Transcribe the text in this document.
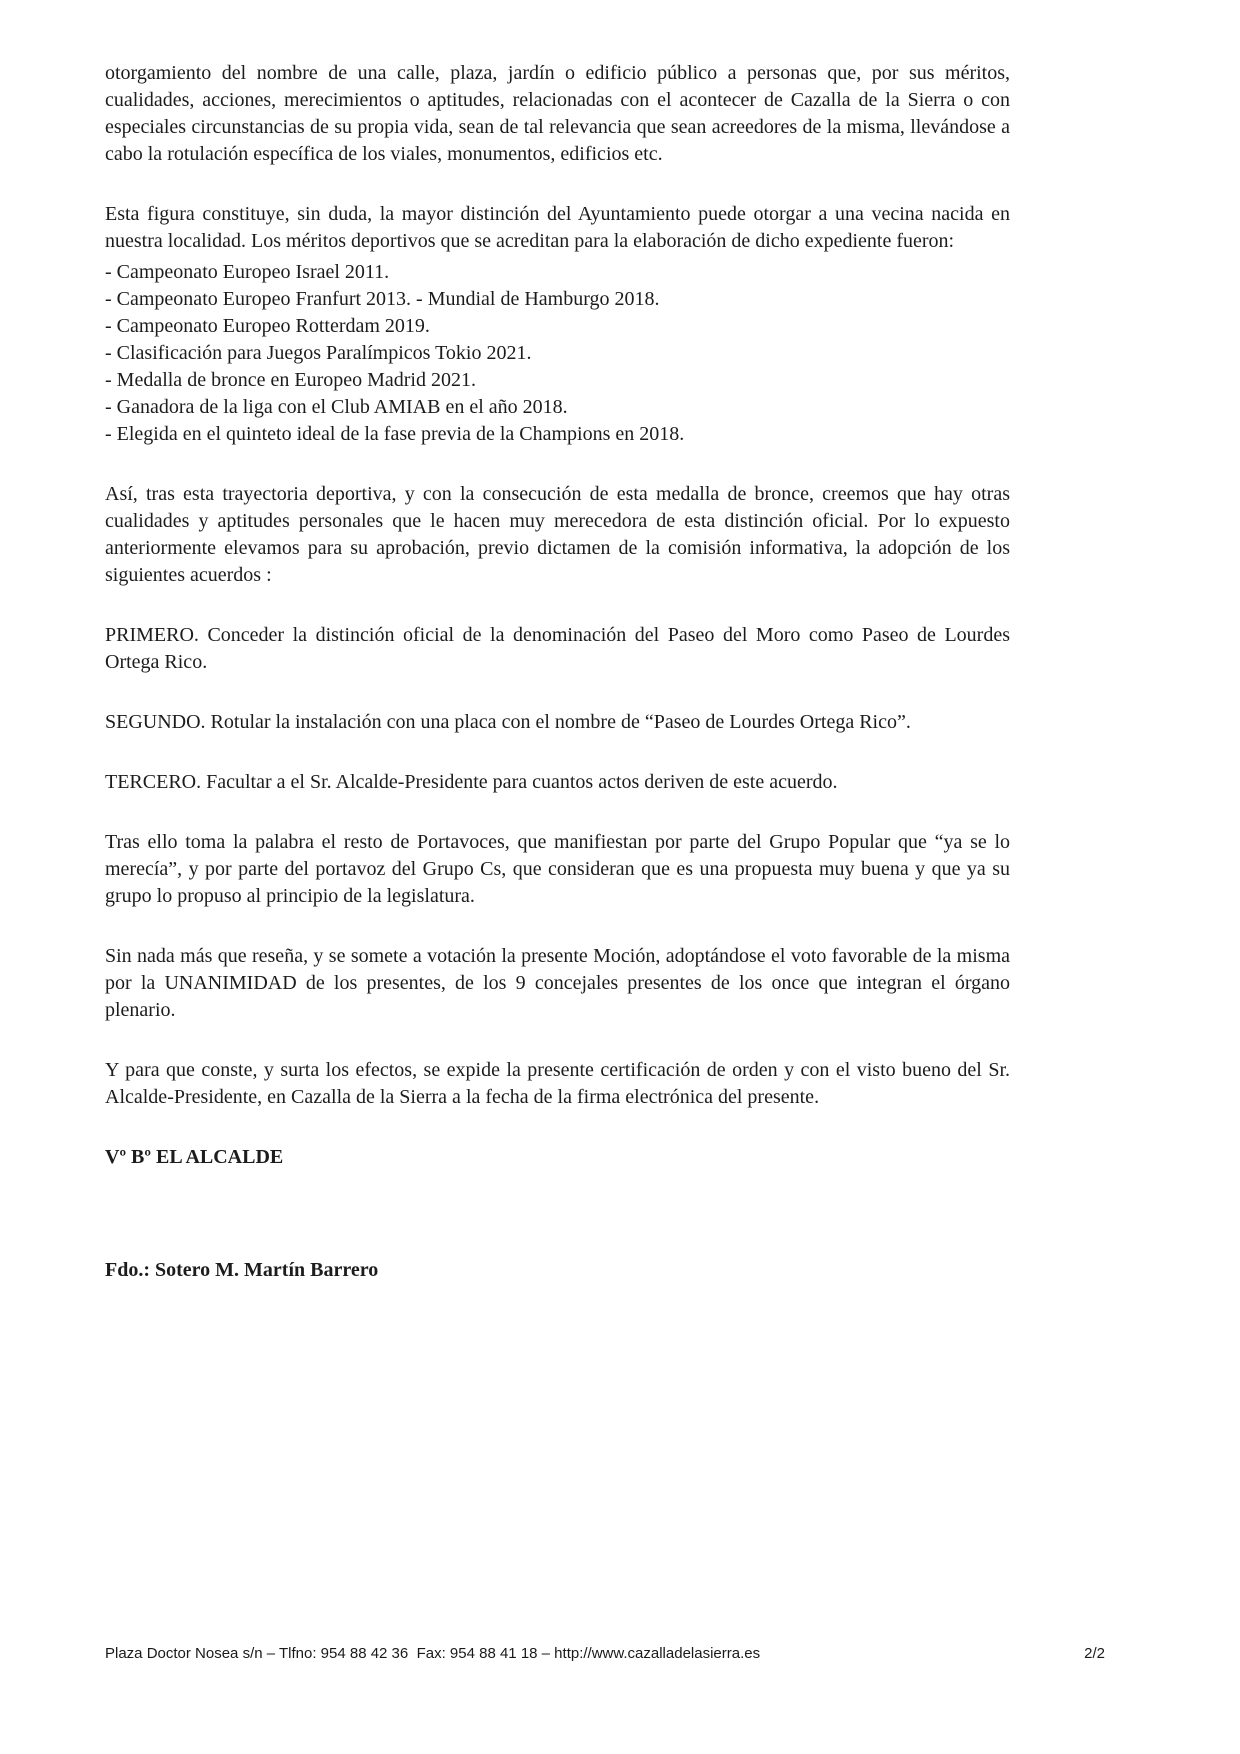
otorgamiento del nombre de una calle, plaza, jardín o edificio público a personas que, por sus méritos, cualidades, acciones, merecimientos o aptitudes, relacionadas con el acontecer de Cazalla de la Sierra o con especiales circunstancias de su propia vida, sean de tal relevancia que sean acreedores de la misma, llevándose a cabo la rotulación específica de los viales, monumentos, edificios etc.

Esta figura constituye, sin duda, la mayor distinción del Ayuntamiento puede otorgar a una vecina nacida en nuestra localidad. Los méritos deportivos que se acreditan para la elaboración de dicho expediente fueron:

- Campeonato Europeo Israel 2011.
- Campeonato Europeo Franfurt 2013. - Mundial de Hamburgo 2018.
- Campeonato Europeo Rotterdam 2019.
- Clasificación para Juegos Paralímpicos Tokio 2021.
- Medalla de bronce en Europeo Madrid 2021.
- Ganadora de la liga con el Club AMIAB en el año 2018.
- Elegida en el quinteto ideal de la fase previa de la Champions en 2018.

Así, tras esta trayectoria deportiva, y con la consecución de esta medalla de bronce, creemos que hay otras cualidades y aptitudes personales que le hacen muy merecedora de esta distinción oficial. Por lo expuesto anteriormente elevamos para su aprobación, previo dictamen de la comisión informativa, la adopción de los siguientes acuerdos :

PRIMERO. Conceder la distinción oficial de la denominación del Paseo del Moro como Paseo de Lourdes Ortega Rico.

SEGUNDO. Rotular la instalación con una placa con el nombre de “Paseo de Lourdes Ortega Rico”.

TERCERO. Facultar a el Sr. Alcalde-Presidente para cuantos actos deriven de este acuerdo.

Tras ello toma la palabra el resto de Portavoces, que manifiestan por parte del Grupo Popular que “ya se lo merecía”, y por parte del portavoz del Grupo Cs, que consideran que es una propuesta muy buena y que ya su grupo lo propuso al principio de la legislatura.

Sin nada más que reseña, y se somete a votación la presente Moción, adoptándose el voto favorable de la misma por la UNANIMIDAD de los presentes, de los 9 concejales presentes de los once que integran el órgano plenario.

Y para que conste, y surta los efectos, se expide la presente certificación de orden y con el visto bueno del Sr. Alcalde-Presidente, en Cazalla de la Sierra a la fecha de la firma electrónica del presente.

Vº Bº EL ALCALDE
Fdo.: Sotero M. Martín Barrero
Plaza Doctor Nosea s/n – Tlfno: 954 88 42 36  Fax: 954 88 41 18 – http://www.cazalladelasierra.es	2/2
